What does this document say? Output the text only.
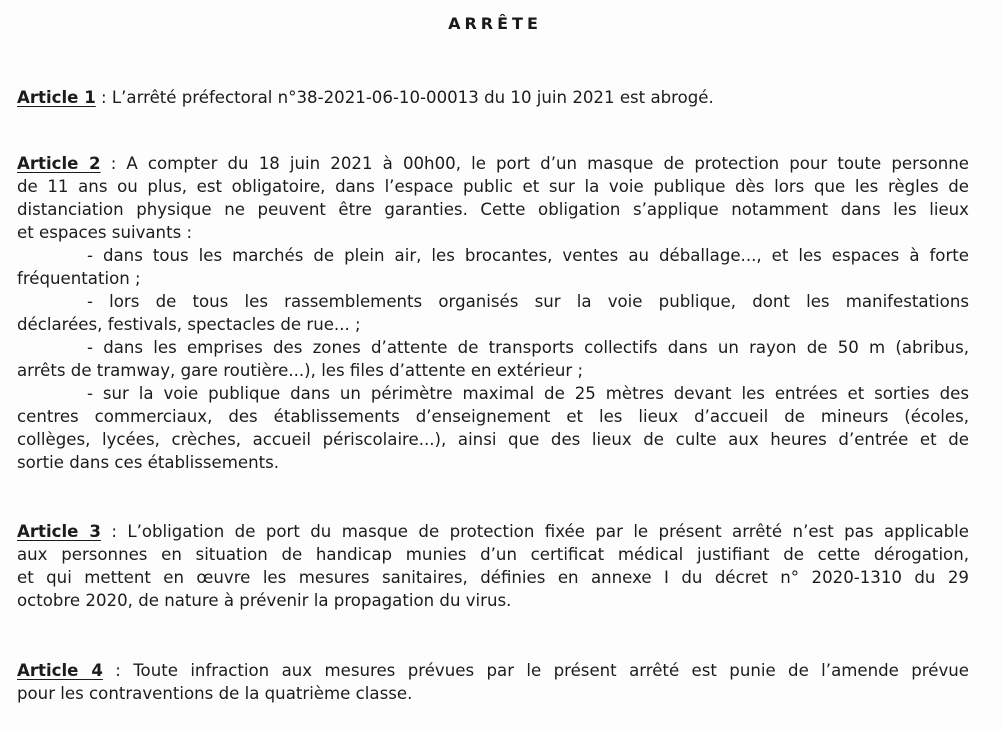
ARRÊTE
Article 1 : L’arrêté préfectoral n°38-2021-06-10-00013 du 10 juin 2021 est abrogé.
Article 2 : A compter du 18 juin 2021 à 00h00, le port d’un masque de protection pour toute personne
de 11 ans ou plus, est obligatoire, dans l’espace public et sur la voie publique dès lors que les règles de
distanciation physique ne peuvent être garanties. Cette obligation s’applique notamment dans les lieux
et espaces suivants :
- dans tous les marchés de plein air, les brocantes, ventes au déballage..., et les espaces à forte
fréquentation ;
- lors de tous les rassemblements organisés sur la voie publique, dont les manifestations
déclarées, festivals, spectacles de rue... ;
- dans les emprises des zones d’attente de transports collectifs dans un rayon de 50 m (abribus,
arrêts de tramway, gare routière...), les files d’attente en extérieur ;
- sur la voie publique dans un périmètre maximal de 25 mètres devant les entrées et sorties des
centres commerciaux, des établissements d’enseignement et les lieux d’accueil de mineurs (écoles,
collèges, lycées, crèches, accueil périscolaire...), ainsi que des lieux de culte aux heures d’entrée et de
sortie dans ces établissements.
Article 3 : L’obligation de port du masque de protection fixée par le présent arrêté n’est pas applicable
aux personnes en situation de handicap munies d’un certificat médical justifiant de cette dérogation,
et qui mettent en œuvre les mesures sanitaires, définies en annexe I du décret n° 2020-1310 du 29
octobre 2020, de nature à prévenir la propagation du virus.
Article 4 : Toute infraction aux mesures prévues par le présent arrêté est punie de l’amende prévue
pour les contraventions de la quatrième classe.
